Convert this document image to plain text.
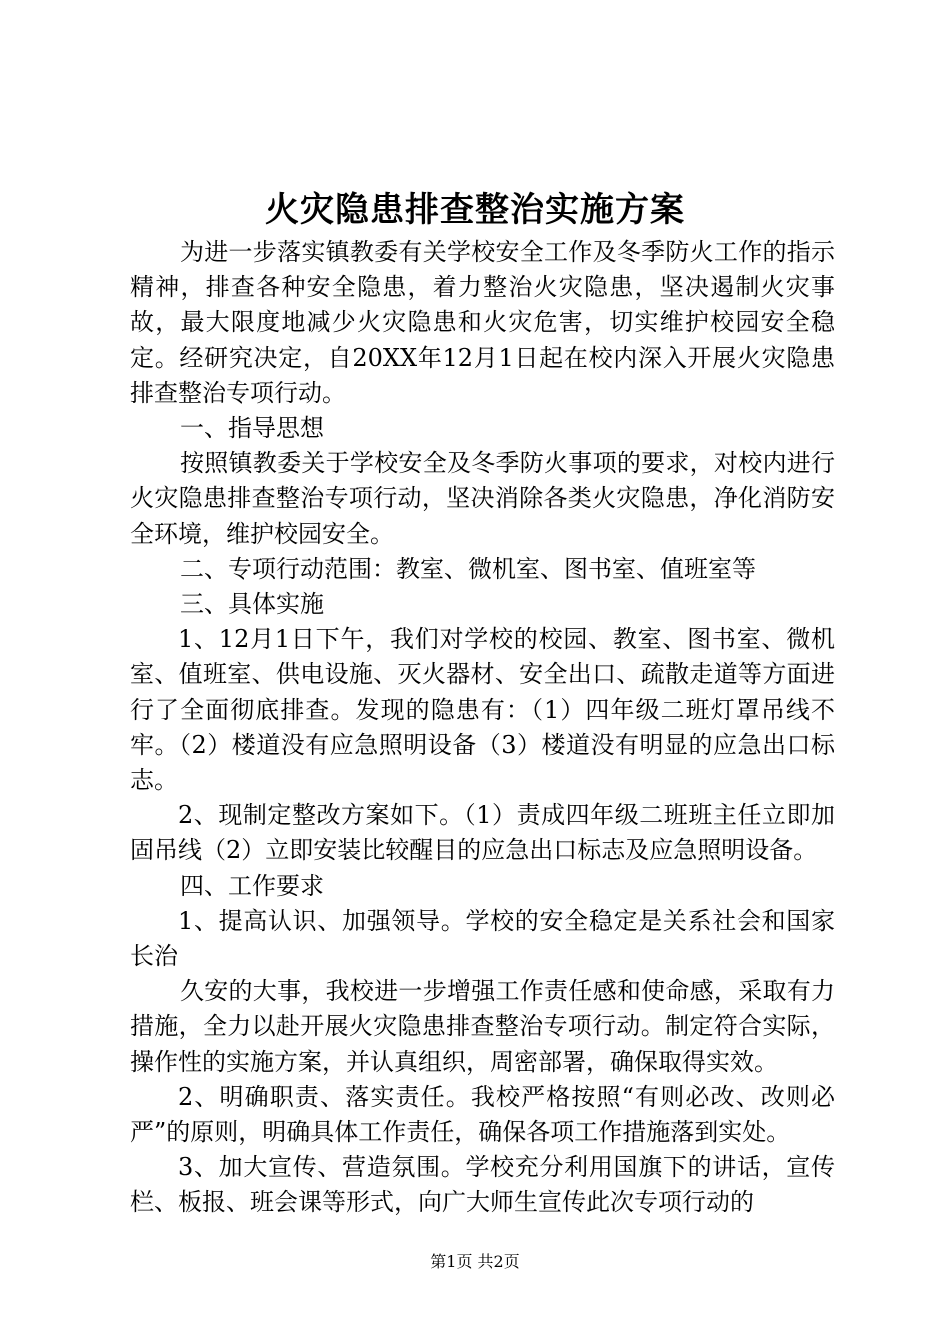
火灾隐患排查整治实施方案

为进一步落实镇教委有关学校安全工作及冬季防火工作的指示精神，排查各种安全隐患，着力整治火灾隐患，坚决遏制火灾事故，最大限度地减少火灾隐患和火灾危害，切实维护校园安全稳定。经研究决定，自20XX年12月1日起在校内深入开展火灾隐患排查整治专项行动。

一、指导思想

按照镇教委关于学校安全及冬季防火事项的要求，对校内进行火灾隐患排查整治专项行动，坚决消除各类火灾隐患，净化消防安全环境，维护校园安全。

二、专项行动范围：教室、微机室、图书室、值班室等

三、具体实施

1、12月1日下午，我们对学校的校园、教室、图书室、微机室、值班室、供电设施、灭火器材、安全出口、疏散走道等方面进行了全面彻底排查。发现的隐患有：（1）四年级二班灯罩吊线不牢。（2）楼道没有应急照明设备（3）楼道没有明显的应急出口标志。

2、现制定整改方案如下。（1）责成四年级二班班主任立即加固吊线（2）立即安装比较醒目的应急出口标志及应急照明设备。

四、工作要求

1、提高认识、加强领导。学校的安全稳定是关系社会和国家长治

久安的大事，我校进一步增强工作责任感和使命感，采取有力措施，全力以赴开展火灾隐患排查整治专项行动。制定符合实际，操作性的实施方案，并认真组织，周密部署，确保取得实效。

2、明确职责、落实责任。我校严格按照“有则必改、改则必严”的原则，明确具体工作责任，确保各项工作措施落到实处。

3、加大宣传、营造氛围。学校充分利用国旗下的讲话，宣传栏、板报、班会课等形式，向广大师生宣传此次专项行动的

第1页 共2页
